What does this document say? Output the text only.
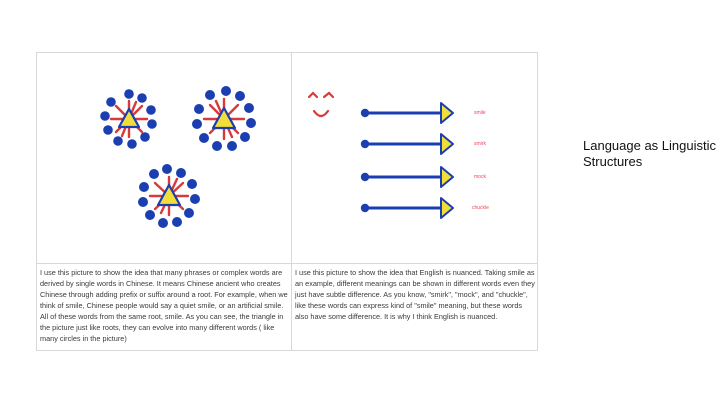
smile
smirk
mock
chuckle
I use this picture to show the idea that many phrases or complex words are derived by single words in Chinese. It means Chinese ancient who creates Chinese through adding prefix or suffix around a root. For example, when we think of smile, Chinese people would say a quiet smile, or an artificial smile. All of these words from the same root, smile. As you can see, the triangle in the picture just like roots, they can evolve into many different words ( like many circles in the picture)
I use this picture to show the idea that English is nuanced. Taking smile as an example, different meanings can be shown in different words even they just have subtle difference. As you know, "smirk", "mock", and "chuckle", like these words can express kind of "smile" meaning, but these words also have some difference. It is why I think English is nuanced.
Language as Linguistic Structures
